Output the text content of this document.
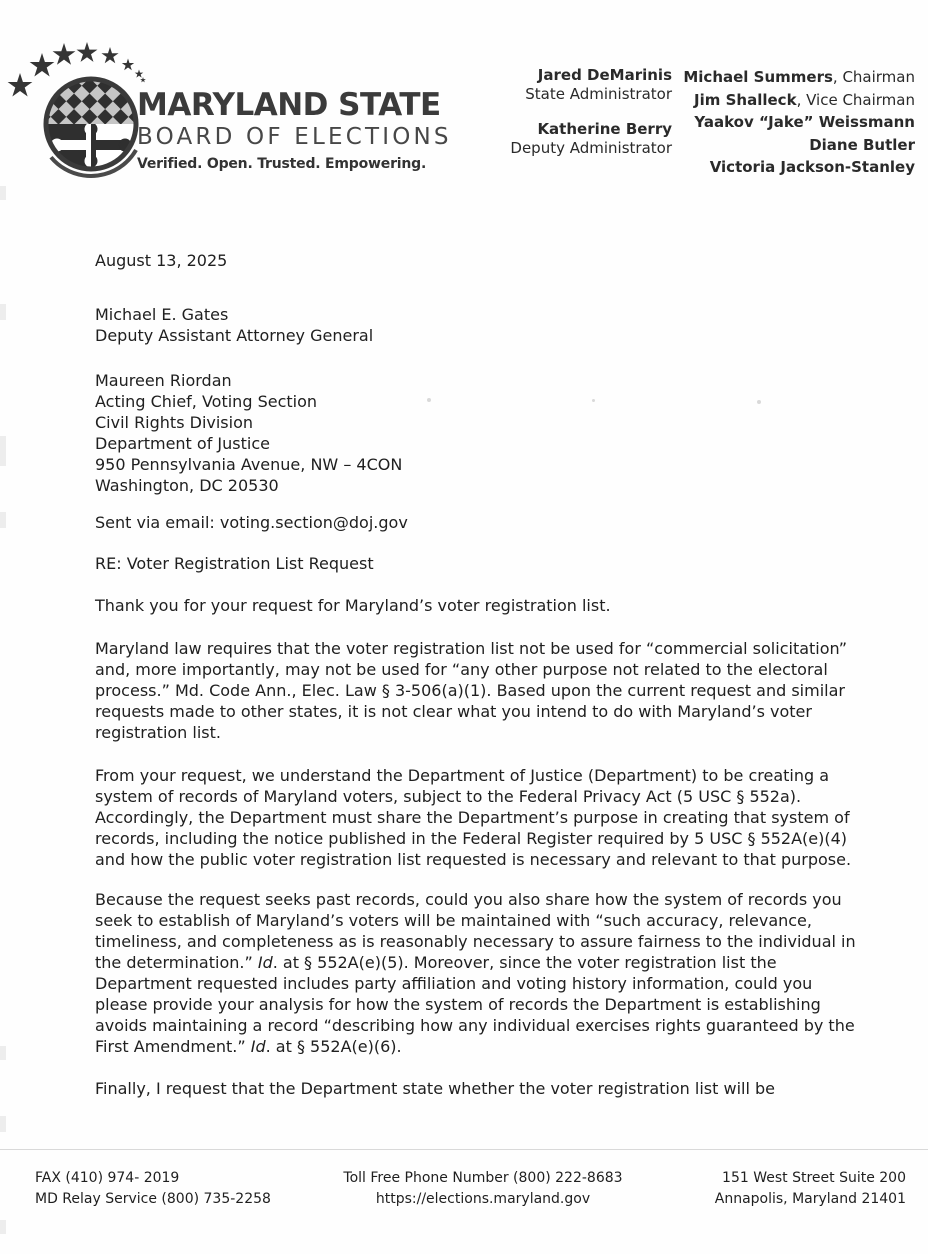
MARYLAND STATE
BOARD OF ELECTIONS
Verified. Open. Trusted. Empowering.
Jared DeMarinis
State Administrator
Katherine Berry
Deputy Administrator
Michael Summers, Chairman
Jim Shalleck, Vice Chairman
Yaakov “Jake” Weissmann
Diane Butler
Victoria Jackson-Stanley

August 13, 2025

Michael E. Gates
Deputy Assistant Attorney General

Maureen Riordan
Acting Chief, Voting Section
Civil Rights Division
Department of Justice
950 Pennsylvania Avenue, NW – 4CON
Washington, DC 20530

Sent via email: voting.section@doj.gov

RE: Voter Registration List Request

Thank you for your request for Maryland’s voter registration list.

Maryland law requires that the voter registration list not be used for “commercial solicitation” and, more importantly, may not be used for “any other purpose not related to the electoral process.” Md. Code Ann., Elec. Law § 3-506(a)(1). Based upon the current request and similar requests made to other states, it is not clear what you intend to do with Maryland’s voter registration list.

From your request, we understand the Department of Justice (Department) to be creating a system of records of Maryland voters, subject to the Federal Privacy Act (5 USC § 552a). Accordingly, the Department must share the Department’s purpose in creating that system of records, including the notice published in the Federal Register required by 5 USC § 552A(e)(4) and how the public voter registration list requested is necessary and relevant to that purpose.

Because the request seeks past records, could you also share how the system of records you seek to establish of Maryland’s voters will be maintained with “such accuracy, relevance, timeliness, and completeness as is reasonably necessary to assure fairness to the individual in the determination.” Id. at § 552A(e)(5). Moreover, since the voter registration list the Department requested includes party affiliation and voting history information, could you please provide your analysis for how the system of records the Department is establishing avoids maintaining a record “describing how any individual exercises rights guaranteed by the First Amendment.” Id. at § 552A(e)(6).

Finally, I request that the Department state whether the voter registration list will be

FAX (410) 974- 2019
MD Relay Service (800) 735-2258
Toll Free Phone Number (800) 222-8683
https://elections.maryland.gov
151 West Street Suite 200
Annapolis, Maryland 21401
